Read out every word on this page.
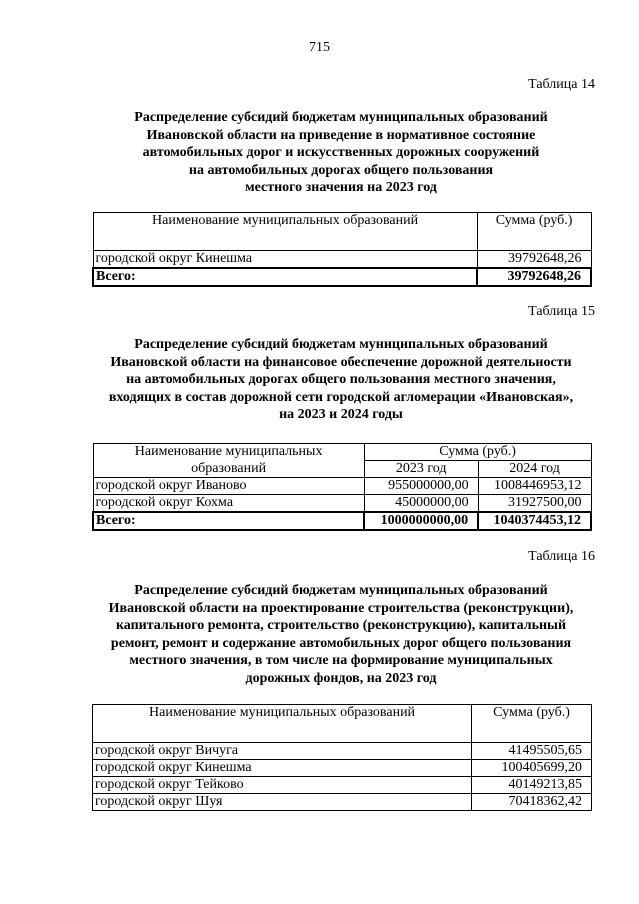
715
Таблица 14
Распределение субсидий бюджетам муниципальных образований
Ивановской области на приведение в нормативное состояние
автомобильных дорог и искусственных дорожных сооружений
на автомобильных дорогах общего пользования
местного значения на 2023 год
Наименование муниципальных образований	Сумма (руб.)
городской округ Кинешма	39792648,26
Всего:	39792648,26
Таблица 15
Распределение субсидий бюджетам муниципальных образований
Ивановской области на финансовое обеспечение дорожной деятельности
на автомобильных дорогах общего пользования местного значения,
входящих в состав дорожной сети городской агломерации «Ивановская»,
на 2023 и 2024 годы
Наименование муниципальных	Сумма (руб.)	
образований	2023 год	2024 год
городской округ Иваново	955000000,00	1008446953,12
городской округ Кохма	45000000,00	31927500,00
Всего:	1000000000,00	1040374453,12
Таблица 16
Распределение субсидий бюджетам муниципальных образований
Ивановской области на проектирование строительства (реконструкции),
капитального ремонта, строительство (реконструкцию), капитальный
ремонт, ремонт и содержание автомобильных дорог общего пользования
местного значения, в том числе на формирование муниципальных
дорожных фондов, на 2023 год
Наименование муниципальных образований	Сумма (руб.)
городской округ Вичуга	41495505,65
городской округ Кинешма	100405699,20
городской округ Тейково	40149213,85
городской округ Шуя	70418362,42
